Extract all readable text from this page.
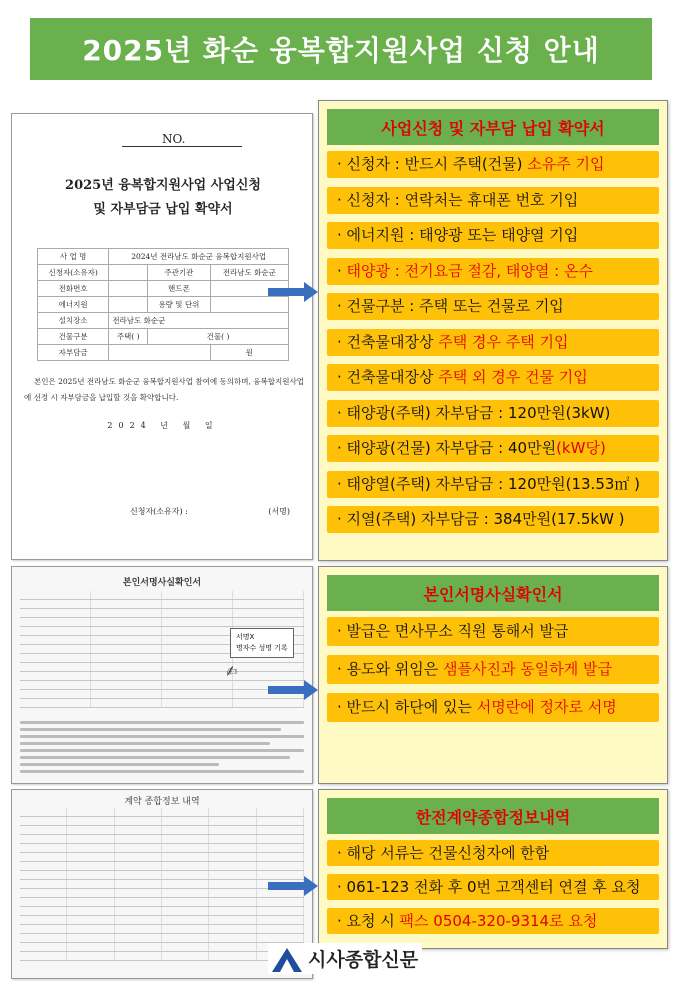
2025년 화순 융복합지원사업 신청 안내
NO.
2025년 융복합지원사업 사업신청
및 자부담금 납입 확약서
사 업 명	2024년 전라남도 화순군 융복합지원사업		
신청자(소유자)		주관기관	전라남도 화순군
전화번호		핸드폰	
에너지원		용량 및 단위	
설치장소	전라남도 화순군		
건물구분	주택( )	건물( )	
자부담금			원
본인은 2025년 전라남도 화순군 융복합지원사업 참여에 동의하며, 융복합지원사업에 선정 시 자부담금을 납입할 것을 확약합니다.
2024 년 월 일
신청자(소유자) :	(서명)
본인서명사실확인서
서명X
명자수 성명 기록
✍
계약 종합정보 내역
사업신청 및 자부담 납입 확약서
· 신청자 : 반드시 주택(건물) 소유주 기입
· 신청자 : 연락처는 휴대폰 번호 기입
· 에너지원 : 태양광 또는 태양열 기입
· 태양광 : 전기요금 절감, 태양열 : 온수
· 건물구분 : 주택 또는 건물로 기입
· 건축물대장상 주택 경우 주택 기입
· 건축물대장상 주택 외 경우 건물 기입
· 태양광(주택) 자부담금 : 120만원(3kW)
· 태양광(건물) 자부담금 : 40만원(kW당)
· 태양열(주택) 자부담금 : 120만원(13.53㎡ )
· 지열(주택) 자부담금 : 384만원(17.5kW )
본인서명사실확인서
· 발급은 면사무소 직원 통해서 발급
· 용도와 위임은 샘플사진과 동일하게 발급
· 반드시 하단에 있는 서명란에 정자로 서명
한전계약종합정보내역
· 해당 서류는 건물신청자에 한함
· 061-123 전화 후 0번 고객센터 연결 후 요청
· 요청 시 팩스 0504-320-9314로 요청
시사종합신문
